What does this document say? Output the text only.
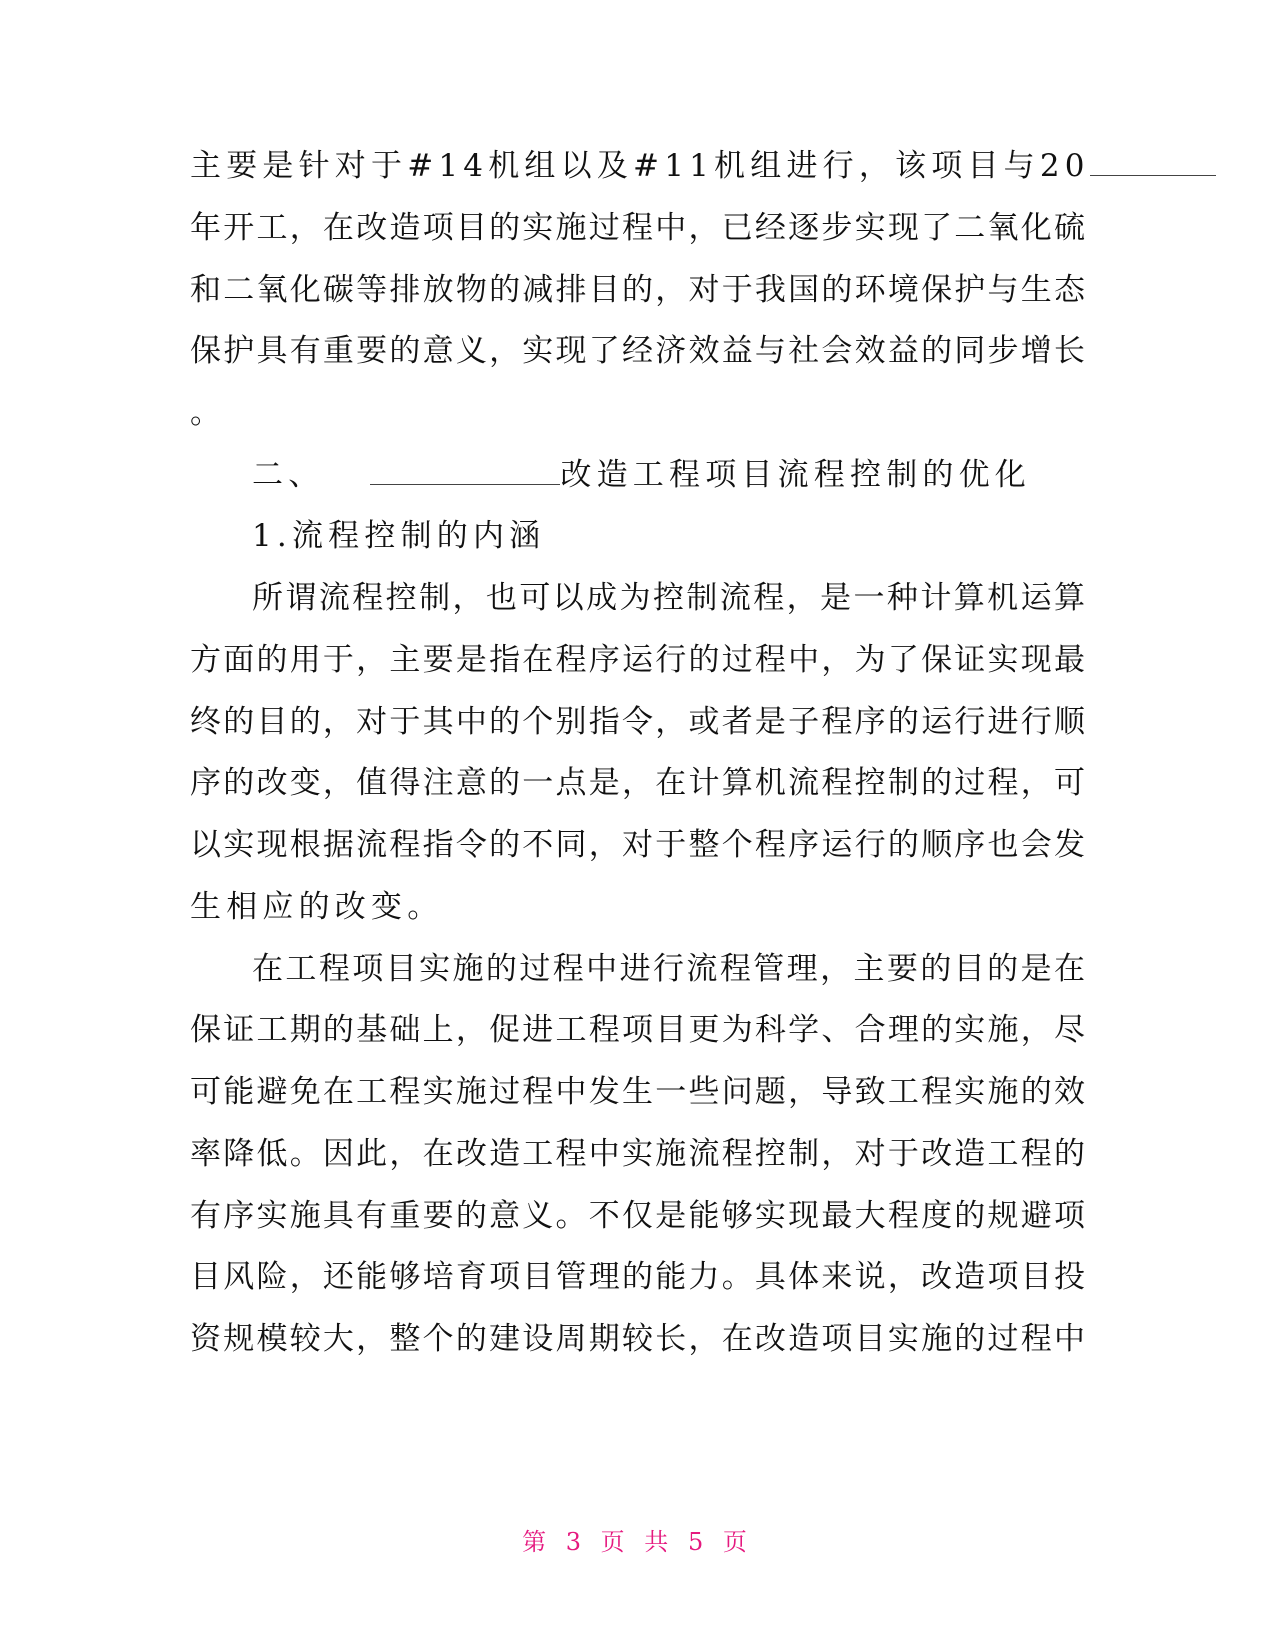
主要是针对于#14机组以及#11机组进行，该项目与20
年开工，在改造项目的实施过程中，已经逐步实现了二氧化硫
和二氧化碳等排放物的减排目的，对于我国的环境保护与生态
保护具有重要的意义，实现了经济效益与社会效益的同步增长
。
二、	改造工程项目流程控制的优化
1.流程控制的内涵
所谓流程控制，也可以成为控制流程，是一种计算机运算
方面的用于，主要是指在程序运行的过程中，为了保证实现最
终的目的，对于其中的个别指令，或者是子程序的运行进行顺
序的改变，值得注意的一点是，在计算机流程控制的过程，可
以实现根据流程指令的不同，对于整个程序运行的顺序也会发
生相应的改变。
在工程项目实施的过程中进行流程管理，主要的目的是在
保证工期的基础上，促进工程项目更为科学、合理的实施，尽
可能避免在工程实施过程中发生一些问题，导致工程实施的效
率降低。因此，在改造工程中实施流程控制，对于改造工程的
有序实施具有重要的意义。不仅是能够实现最大程度的规避项
目风险，还能够培育项目管理的能力。具体来说，改造项目投
资规模较大，整个的建设周期较长，在改造项目实施的过程中
第 3 页 共 5 页
